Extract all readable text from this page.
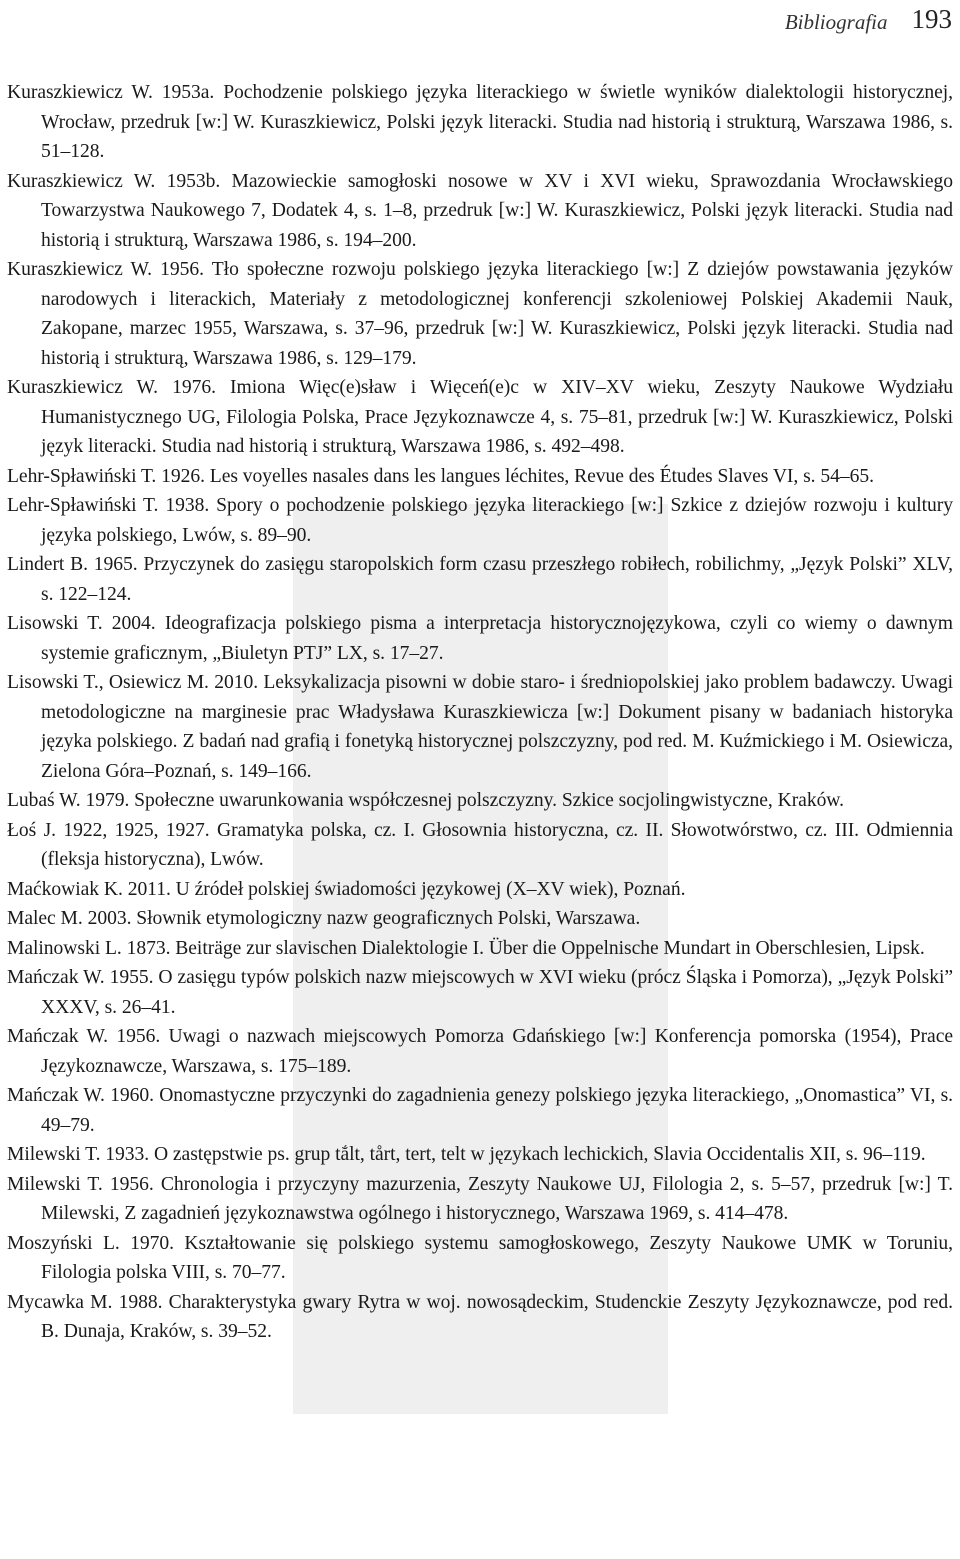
Bibliografia 193
Kuraszkiewicz W. 1953a. Pochodzenie polskiego języka literackiego w świetle wyników dialektologii historycznej, Wrocław, przedruk [w:] W. Kuraszkiewicz, Polski język literacki. Studia nad historią i strukturą, Warszawa 1986, s. 51–128.
Kuraszkiewicz W. 1953b. Mazowieckie samogłoski nosowe w XV i XVI wieku, Sprawozdania Wrocławskiego Towarzystwa Naukowego 7, Dodatek 4, s. 1–8, przedruk [w:] W. Kuraszkiewicz, Polski język literacki. Studia nad historią i strukturą, Warszawa 1986, s. 194–200.
Kuraszkiewicz W. 1956. Tło społeczne rozwoju polskiego języka literackiego [w:] Z dziejów powstawania języków narodowych i literackich, Materiały z metodologicznej konferencji szkoleniowej Polskiej Akademii Nauk, Zakopane, marzec 1955, Warszawa, s. 37–96, przedruk [w:] W. Kuraszkiewicz, Polski język literacki. Studia nad historią i strukturą, Warszawa 1986, s. 129–179.
Kuraszkiewicz W. 1976. Imiona Więc(e)sław i Więceń(e)c w XIV–XV wieku, Zeszyty Naukowe Wydziału Humanistycznego UG, Filologia Polska, Prace Językoznawcze 4, s. 75–81, przedruk [w:] W. Kuraszkiewicz, Polski język literacki. Studia nad historią i strukturą, Warszawa 1986, s. 492–498.
Lehr-Spławiński T. 1926. Les voyelles nasales dans les langues léchites, Revue des Études Slaves VI, s. 54–65.
Lehr-Spławiński T. 1938. Spory o pochodzenie polskiego języka literackiego [w:] Szkice z dziejów rozwoju i kultury języka polskiego, Lwów, s. 89–90.
Lindert B. 1965. Przyczynek do zasięgu staropolskich form czasu przeszłego robiłech, robilichmy, „Język Polski” XLV, s. 122–124.
Lisowski T. 2004. Ideografizacja polskiego pisma a interpretacja historycznojęzykowa, czyli co wiemy o dawnym systemie graficznym, „Biuletyn PTJ” LX, s. 17–27.
Lisowski T., Osiewicz M. 2010. Leksykalizacja pisowni w dobie staro- i średniopolskiej jako problem badawczy. Uwagi metodologiczne na marginesie prac Władysława Kuraszkiewicza [w:] Dokument pisany w badaniach historyka języka polskiego. Z badań nad grafią i fonetyką historycznej polszczyzny, pod red. M. Kuźmickiego i M. Osiewicza, Zielona Góra–Poznań, s. 149–166.
Lubaś W. 1979. Społeczne uwarunkowania współczesnej polszczyzny. Szkice socjolingwistyczne, Kraków.
Łoś J. 1922, 1925, 1927. Gramatyka polska, cz. I. Głosownia historyczna, cz. II. Słowotwórstwo, cz. III. Odmiennia (fleksja historyczna), Lwów.
Maćkowiak K. 2011. U źródeł polskiej świadomości językowej (X–XV wiek), Poznań.
Malec M. 2003. Słownik etymologiczny nazw geograficznych Polski, Warszawa.
Malinowski L. 1873. Beiträge zur slavischen Dialektologie I. Über die Oppelnische Mundart in Oberschlesien, Lipsk.
Mańczak W. 1955. O zasięgu typów polskich nazw miejscowych w XVI wieku (prócz Śląska i Pomorza), „Język Polski” XXXV, s. 26–41.
Mańczak W. 1956. Uwagi o nazwach miejscowych Pomorza Gdańskiego [w:] Konferencja pomorska (1954), Prace Językoznawcze, Warszawa, s. 175–189.
Mańczak W. 1960. Onomastyczne przyczynki do zagadnienia genezy polskiego języka literackiego, „Onomastica” VI, s. 49–79.
Milewski T. 1933. O zastępstwie ps. grup tắlt, tårt, tert, telt w językach lechickich, Slavia Occidentalis XII, s. 96–119.
Milewski T. 1956. Chronologia i przyczyny mazurzenia, Zeszyty Naukowe UJ, Filologia 2, s. 5–57, przedruk [w:] T. Milewski, Z zagadnień językoznawstwa ogólnego i historycznego, Warszawa 1969, s. 414–478.
Moszyński L. 1970. Kształtowanie się polskiego systemu samogłoskowego, Zeszyty Naukowe UMK w Toruniu, Filologia polska VIII, s. 70–77.
Mycawka M. 1988. Charakterystyka gwary Rytra w woj. nowosądeckim, Studenckie Zeszyty Językoznawcze, pod red. B. Dunaja, Kraków, s. 39–52.
